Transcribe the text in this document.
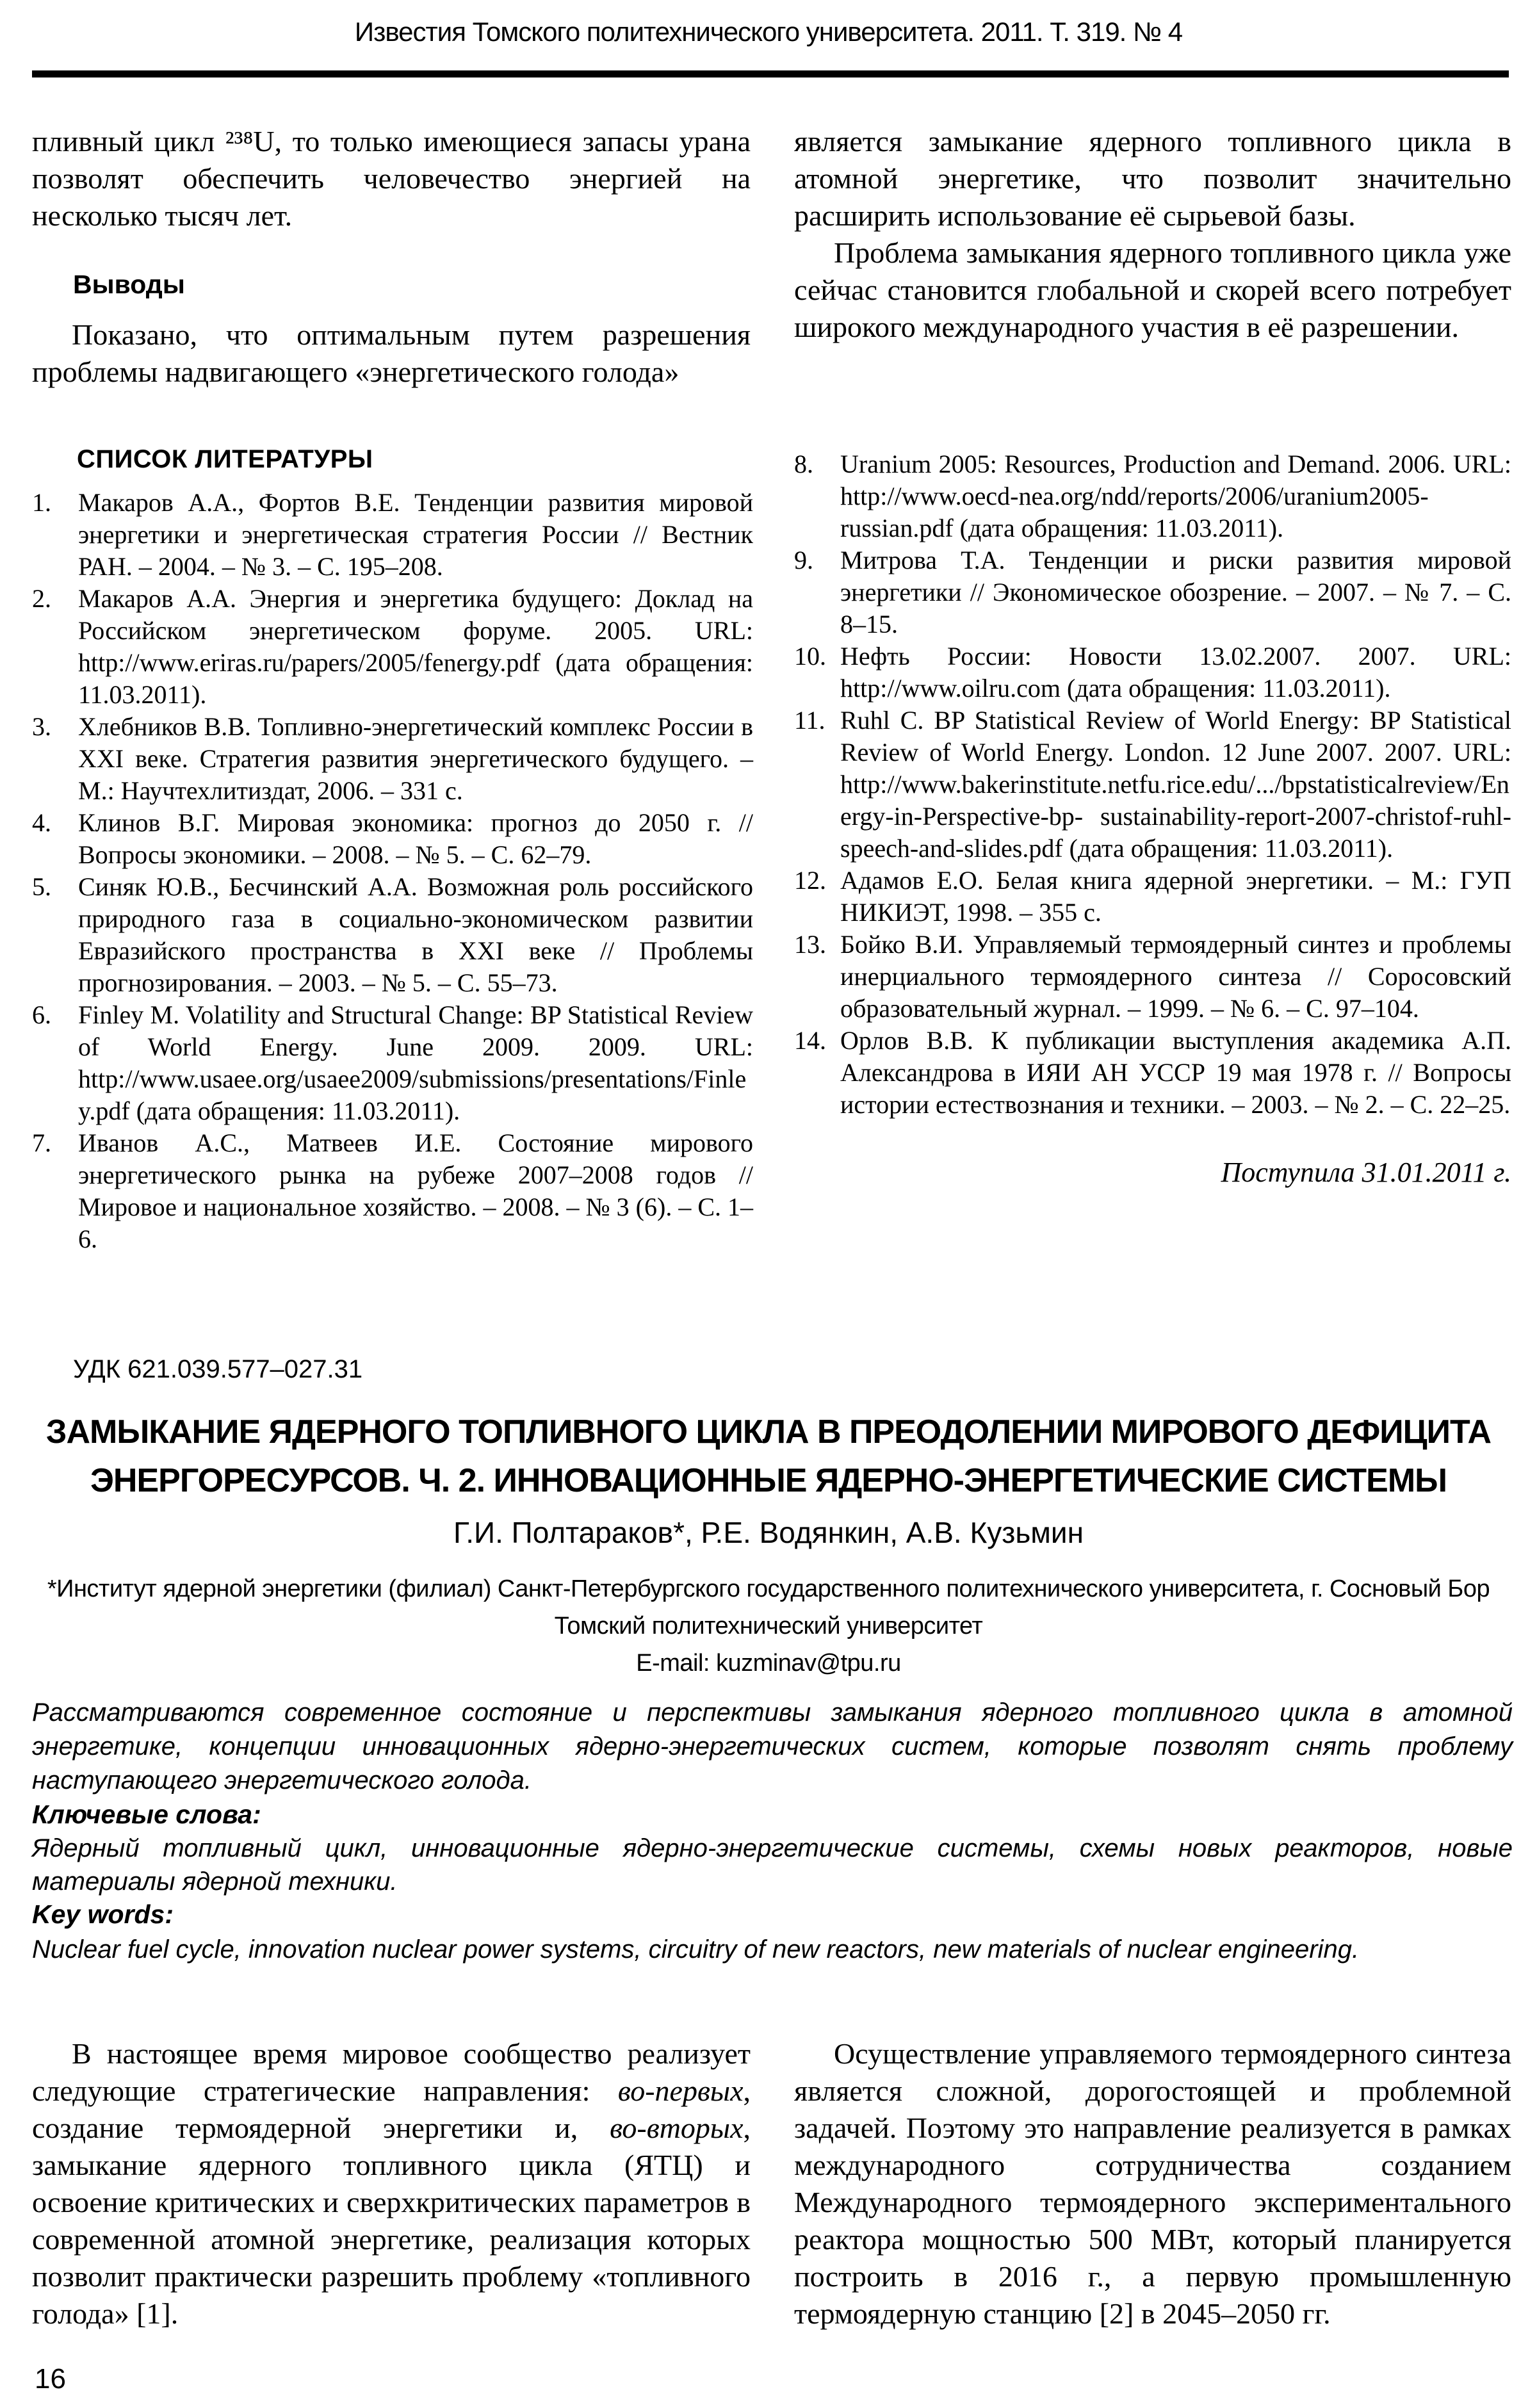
Известия Томского политехнического университета. 2011. Т. 319. № 4
пливный цикл ²³⁸U, то только имеющиеся запасы урана позволят обеспечить человечество энергией на несколько тысяч лет.
Выводы
Показано, что оптимальным путем разрешения проблемы надвигающего «энергетического голода»

является замыкание ядерного топливного цикла в атомной энергетике, что позволит значительно расширить использование её сырьевой базы.

Проблема замыкания ядерного топливного цикла уже сейчас становится глобальной и скорей всего потребует широкого международного участия в её разрешении.

СПИСОК ЛИТЕРАТУРЫ
1. Макаров А.А., Фортов В.Е. Тенденции развития мировой энергетики и энергетическая стратегия России // Вестник РАН. – 2004. – № 3. – С. 195–208.
2. Макаров А.А. Энергия и энергетика будущего: Доклад на Российском энергетическом форуме. 2005. URL: http://www.eriras.ru/papers/2005/fenergy.pdf (дата обращения: 11.03.2011).
3. Хлебников В.В. Топливно-энергетический комплекс России в XXI веке. Стратегия развития энергетического будущего. – М.: Научтехлитиздат, 2006. – 331 с.
4. Клинов В.Г. Мировая экономика: прогноз до 2050 г. // Вопросы экономики. – 2008. – № 5. – С. 62–79.
5. Синяк Ю.В., Бесчинский А.А. Возможная роль российского природного газа в социально-экономическом развитии Евразийского пространства в XXI веке // Проблемы прогнозирования. – 2003. – № 5. – С. 55–73.
6. Finley M. Volatility and Structural Change: BP Statistical Review of World Energy. June 2009. 2009. URL: http://www.usaee.org/usaee2009/submissions/presentations/Finley.pdf (дата обращения: 11.03.2011).
7. Иванов А.С., Матвеев И.Е. Состояние мирового энергетического рынка на рубеже 2007–2008 годов // Мировое и национальное хозяйство. – 2008. – № 3 (6). – С. 1–6.
8. Uranium 2005: Resources, Production and Demand. 2006. URL: http://www.oecd-nea.org/ndd/reports/2006/uranium2005-russian.pdf (дата обращения: 11.03.2011).
9. Митрова Т.А. Тенденции и риски развития мировой энергетики // Экономическое обозрение. – 2007. – № 7. – С. 8–15.
10. Нефть России: Новости 13.02.2007. 2007. URL: http://www.oilru.com (дата обращения: 11.03.2011).
11. Ruhl C. BP Statistical Review of World Energy: BP Statistical Review of World Energy. London. 12 June 2007. 2007. URL: http://www.bakerinstitute.netfu.rice.edu/.../bpstatisticalreview/Energy-in-Perspective-bp- sustainability-report-2007-christof-ruhl-speech-and-slides.pdf (дата обращения: 11.03.2011).
12. Адамов Е.О. Белая книга ядерной энергетики. – М.: ГУП НИКИЭТ, 1998. – 355 с.
13. Бойко В.И. Управляемый термоядерный синтез и проблемы инерциального термоядерного синтеза // Соросовский образовательный журнал. – 1999. – № 6. – С. 97–104.
14. Орлов В.В. К публикации выступления академика А.П. Александрова в ИЯИ АН УССР 19 мая 1978 г. // Вопросы истории естествознания и техники. – 2003. – № 2. – С. 22–25.
Поступила 31.01.2011 г.
УДК 621.039.577–027.31
ЗАМЫКАНИЕ ЯДЕРНОГО ТОПЛИВНОГО ЦИКЛА В ПРЕОДОЛЕНИИ МИРОВОГО ДЕФИЦИТА
ЭНЕРГОРЕСУРСОВ. Ч. 2. ИННОВАЦИОННЫЕ ЯДЕРНО-ЭНЕРГЕТИЧЕСКИЕ СИСТЕМЫ
Г.И. Полтараков*, Р.Е. Водянкин, А.В. Кузьмин
*Институт ядерной энергетики (филиал) Санкт-Петербургского государственного политехнического университета, г. Сосновый Бор
Томский политехнический университет
E-mail: kuzminav@tpu.ru
Рассматриваются современное состояние и перспективы замыкания ядерного топливного цикла в атомной энергетике, концепции инновационных ядерно-энергетических систем, которые позволят снять проблему наступающего энергетического голода.
Ключевые слова:
Ядерный топливный цикл, инновационные ядерно-энергетические системы, схемы новых реакторов, новые материалы ядерной техники.
Key words:
Nuclear fuel cycle, innovation nuclear power systems, circuitry of new reactors, new materials of nuclear engineering.
В настоящее время мировое сообщество реализует следующие стратегические направления: во-первых, создание термоядерной энергетики и, во-вторых, замыкание ядерного топливного цикла (ЯТЦ) и освоение критических и сверхкритических параметров в современной атомной энергетике, реализация которых позволит практически разрешить проблему «топливного голода» [1].
Осуществление управляемого термоядерного синтеза является сложной, дорогостоящей и проблемной задачей. Поэтому это направление реализуется в рамках международного сотрудничества созданием Международного термоядерного экспериментального реактора мощностью 500 МВт, который планируется построить в 2016 г., а первую промышленную термоядерную станцию [2] в 2045–2050 гг.
16
